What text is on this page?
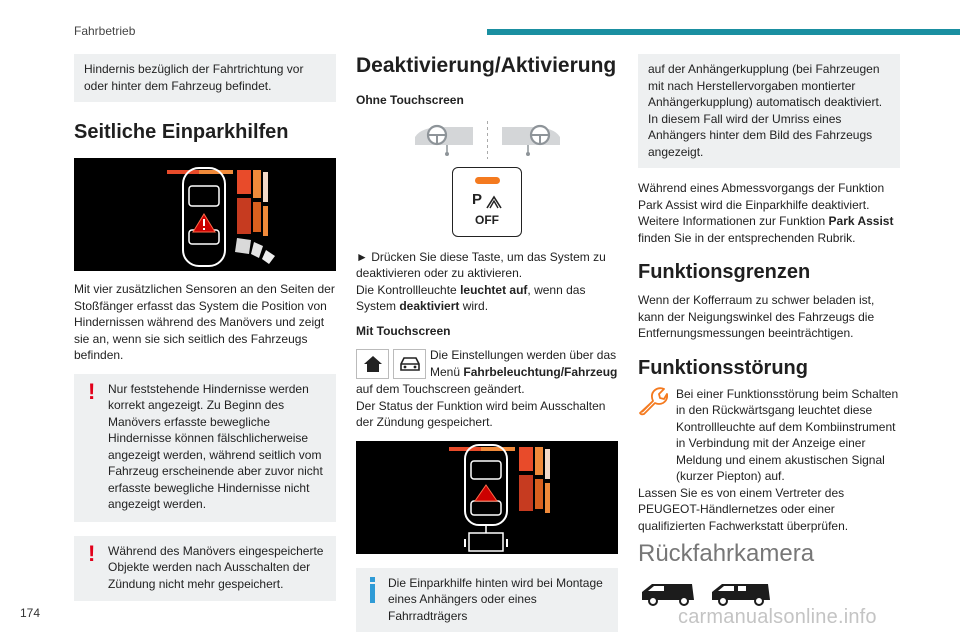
Fahrbetrieb

Hindernis bezüglich der Fahrtrichtung vor oder hinter dem Fahrzeug befindet.

Seitliche Einparkhilfen

Mit vier zusätzlichen Sensoren an den Seiten der Stoßfänger erfasst das System die Position von Hindernissen während des Manövers und zeigt sie an, wenn sie sich seitlich des Fahrzeugs befinden.

! Nur feststehende Hindernisse werden korrekt angezeigt. Zu Beginn des Manövers erfasste bewegliche Hindernisse können fälschlicherweise angezeigt werden, während seitlich vom Fahrzeug erscheinende aber zuvor nicht erfasste bewegliche Hindernisse nicht angezeigt werden.

! Während des Manövers eingespeicherte Objekte werden nach Ausschalten der Zündung nicht mehr gespeichert.

Deaktivierung/Aktivierung
Ohne Touchscreen
P
OFF

► Drücken Sie diese Taste, um das System zu deaktivieren oder zu aktivieren.

Die Kontrollleuchte leuchtet auf, wenn das System deaktiviert wird.

Mit Touchscreen

Die Einstellungen werden über das Menü Fahrbeleuchtung/Fahrzeug

auf dem Touchscreen geändert.

Der Status der Funktion wird beim Ausschalten der Zündung gespeichert.

Die Einparkhilfe hinten wird bei Montage eines Anhängers oder eines Fahrradträgers

auf der Anhängerkupplung (bei Fahrzeugen mit nach Herstellervorgaben montierter Anhängerkupplung) automatisch deaktiviert.

In diesem Fall wird der Umriss eines Anhängers hinter dem Bild des Fahrzeugs angezeigt.

Während eines Abmessvorgangs der Funktion Park Assist wird die Einparkhilfe deaktiviert.

Weitere Informationen zur Funktion Park Assist finden Sie in der entsprechenden Rubrik.

Funktionsgrenzen

Wenn der Kofferraum zu schwer beladen ist, kann der Neigungswinkel des Fahrzeugs die Entfernungsmessungen beeinträchtigen.

Funktionsstörung

Bei einer Funktionsstörung beim Schalten in den Rückwärtsgang leuchtet diese Kontrollleuchte auf dem Kombiinstrument in Verbindung mit der Anzeige einer Meldung und einem akustischen Signal (kurzer Piepton) auf.

Lassen Sie es von einem Vertreter des PEUGEOT-Händlernetzes oder einer qualifizierten Fachwerkstatt überprüfen.

Rückfahrkamera
174	carmanualsonline.info
